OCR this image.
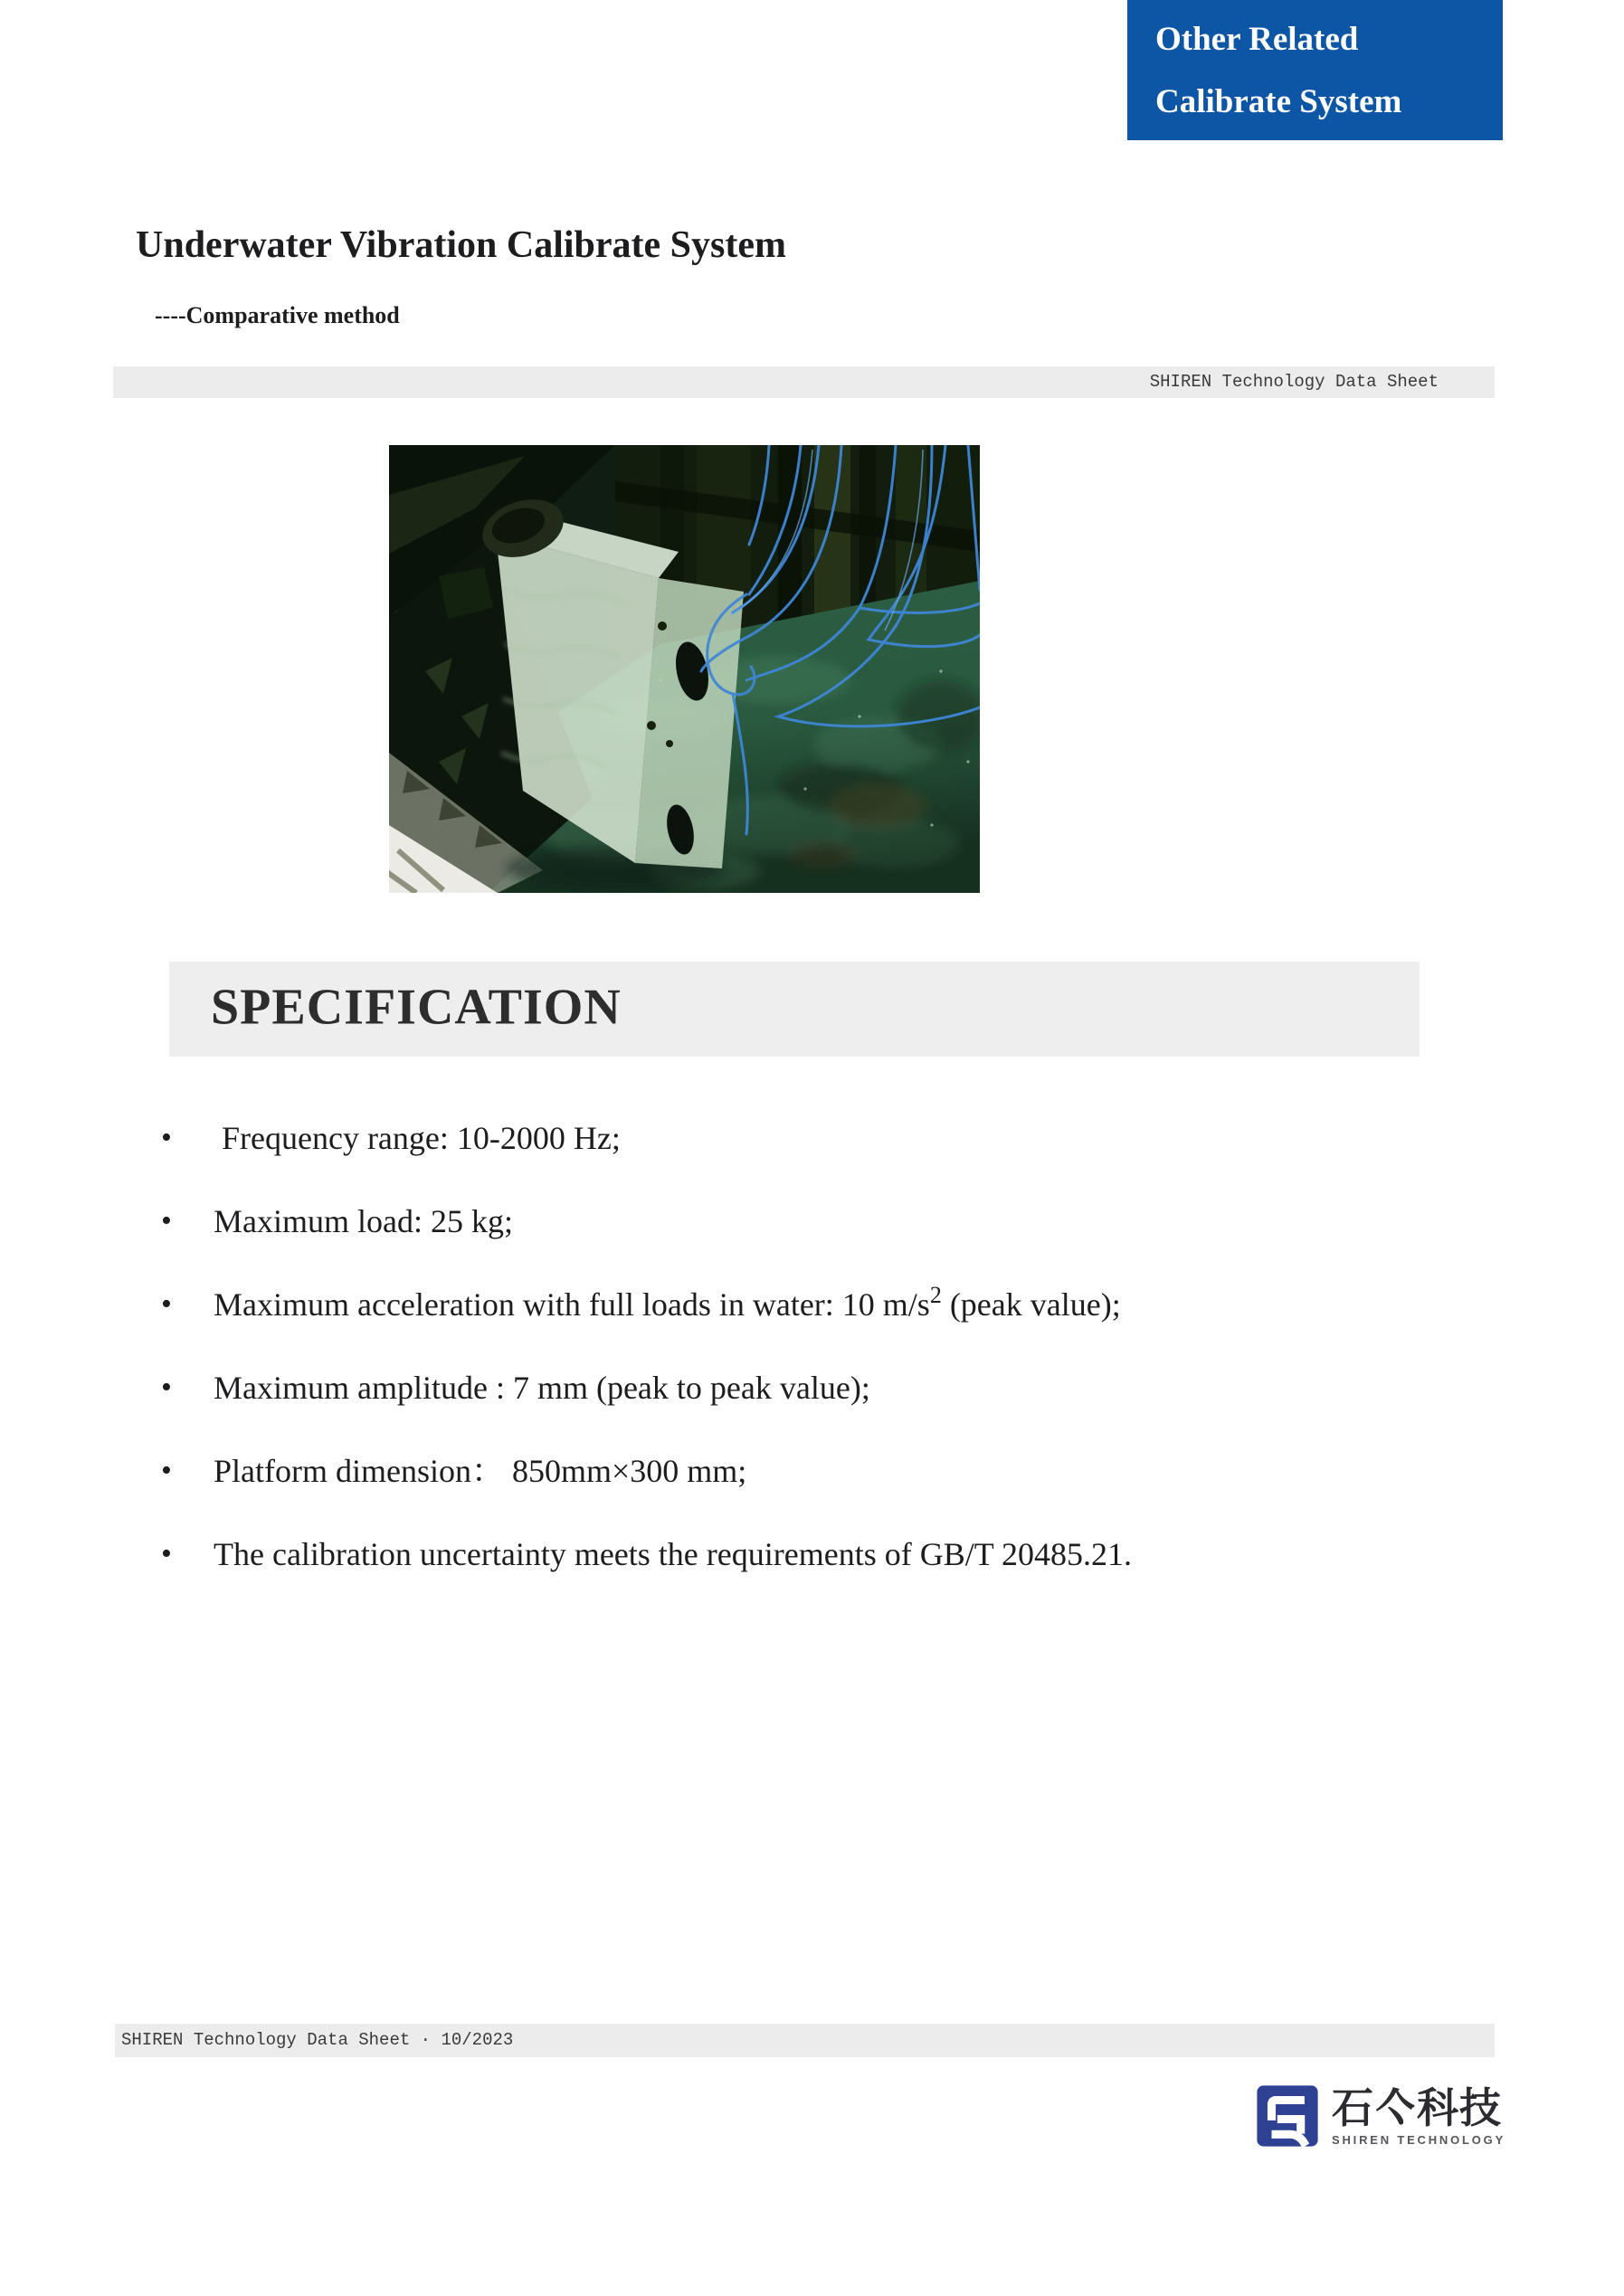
Other Related
Calibrate System
Underwater Vibration Calibrate System
----Comparative method
SHIREN Technology Data Sheet
SPECIFICATION
•  Frequency range: 10-2000 Hz;
• Maximum load: 25 kg;
• Maximum acceleration with full loads in water: 10 $m/s^2$ (peak value);
• Maximum amplitude : 7 mm (peak to peak value);
• Platform dimension： 850mm×300 mm;
• The calibration uncertainty meets the requirements of GB/T 20485.21.
SHIREN Technology Data Sheet · 10/2023
石亽科技
SHIREN TECHNOLOGY
